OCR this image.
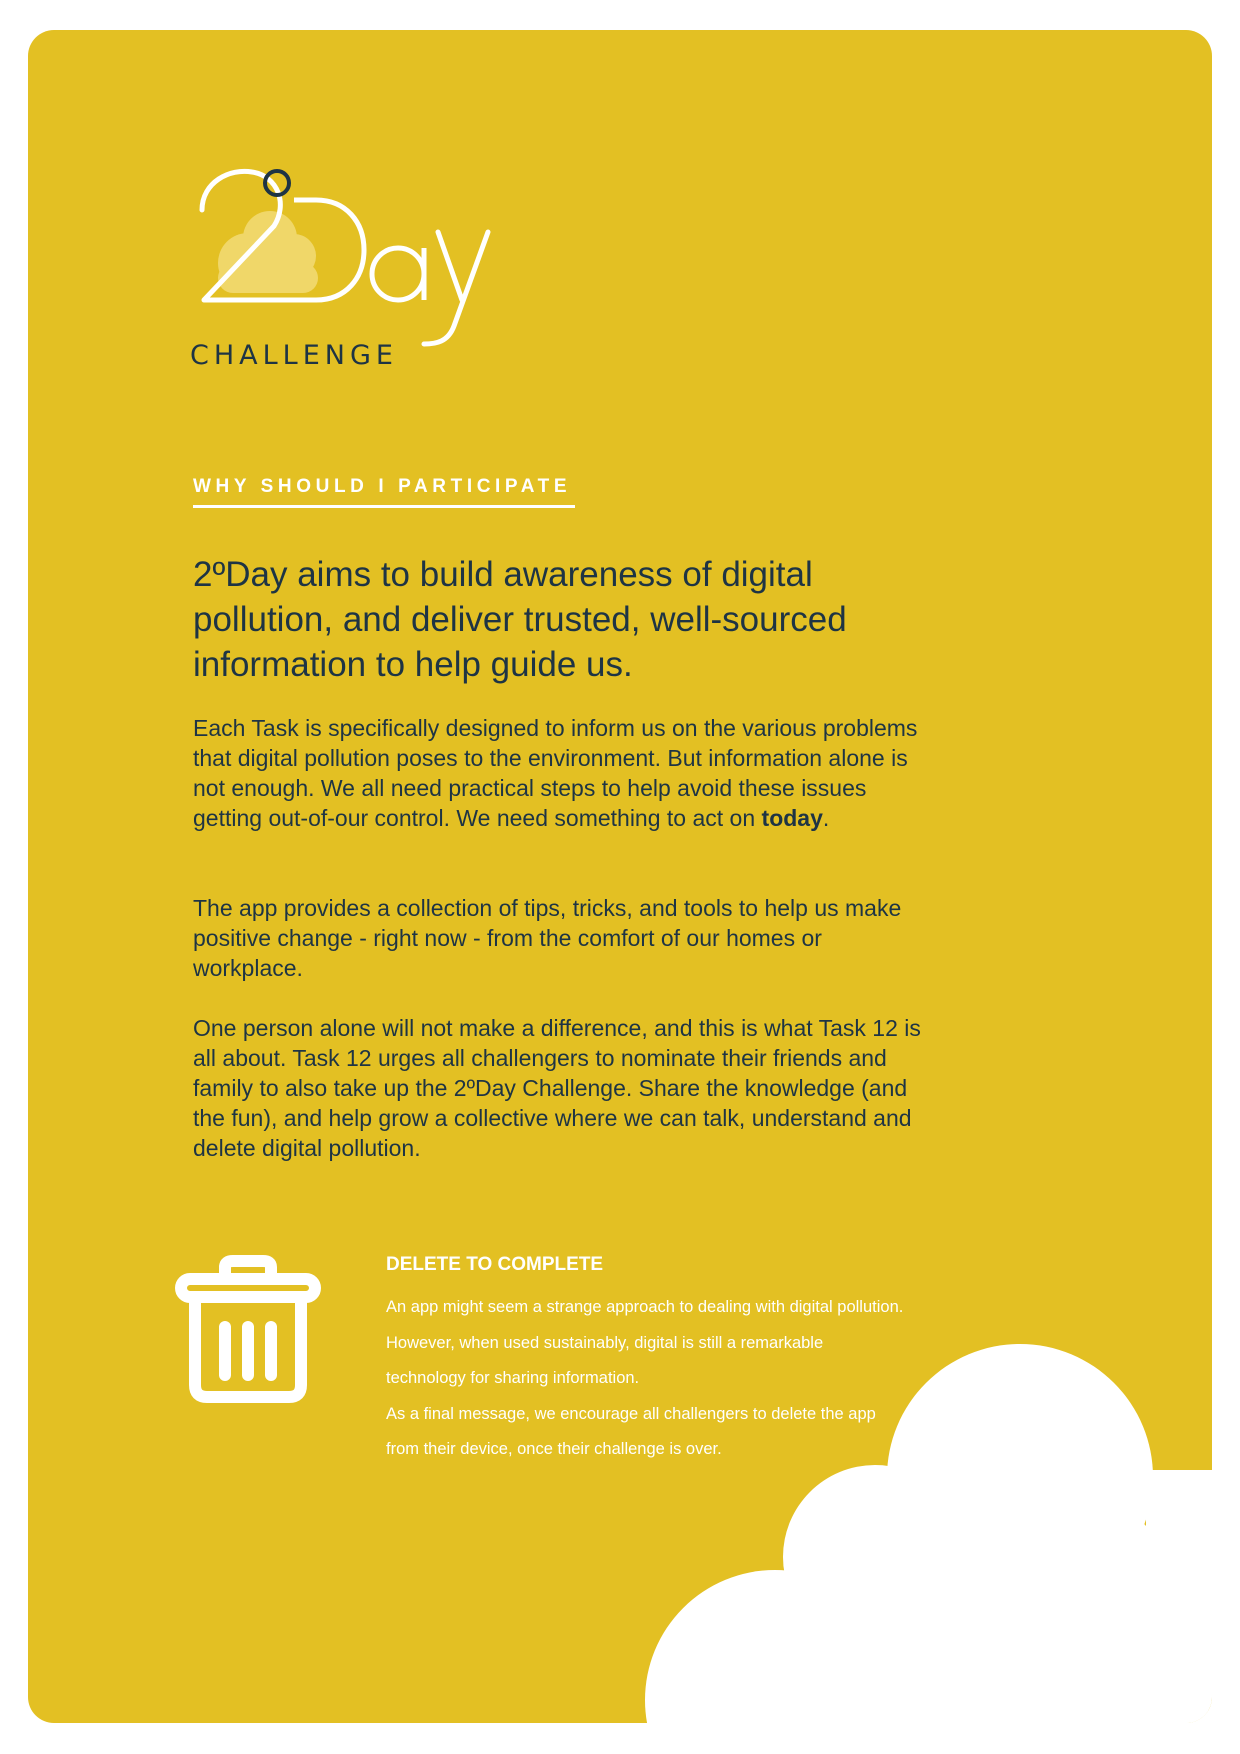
CHALLENGE
WHY SHOULD I PARTICIPATE

2ºDay aims to build awareness of digital pollution, and deliver trusted, well-sourced information to help guide us.

Each Task is specifically designed to inform us on the various problems that digital pollution poses to the environment. But information alone is not enough. We all need practical steps to help avoid these issues getting out-of-our control. We need something to act on today.

The app provides a collection of tips, tricks, and tools to help us make positive change - right now - from the comfort of our homes or workplace.

One person alone will not make a difference, and this is what Task 12 is all about. Task 12 urges all challengers to nominate their friends and family to also take up the 2ºDay Challenge. Share the knowledge (and the fun), and help grow a collective where we can talk, understand and delete digital pollution.

DELETE TO COMPLETE

An app might seem a strange approach to dealing with digital pollution. However, when used sustainably, digital is still a remarkable technology for sharing information.
As a final message, we encourage all challengers to delete the app from their device, once their challenge is over.
